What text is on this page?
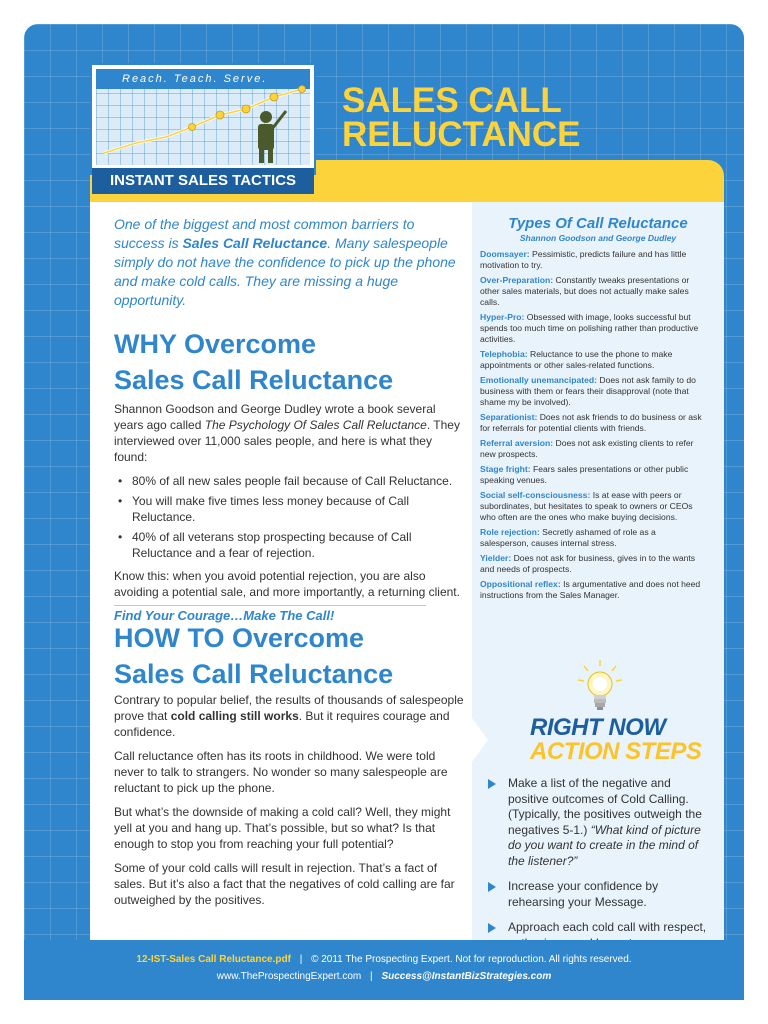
Reach. Teach. Serve.
INSTANT SALES TACTICS
SALES CALL
RELUCTANCE
Types Of Call Reluctance
Shannon Goodson and George Dudley
Doomsayer: Pessimistic, predicts failure and has little motivation to try.
Over-Preparation: Constantly tweaks presentations or other sales materials, but does not actually make sales calls.
Hyper-Pro: Obsessed with image, looks successful but spends too much time on polishing rather than productive activities.
Telephobia: Reluctance to use the phone to make appointments or other sales-related functions.
Emotionally unemancipated: Does not ask family to do business with them or fears their disapproval (note that shame my be involved).
Separationist: Does not ask friends to do business or ask for referrals for potential clients with friends.
Referral aversion: Does not ask existing clients to refer new prospects.
Stage fright: Fears sales presentations or other public speaking venues.
Social self-consciousness: Is at ease with peers or subordinates, but hesitates to speak to owners or CEOs who often are the ones who make buying decisions.
Role rejection: Secretly ashamed of role as a salesperson, causes internal stress.
Yielder: Does not ask for business, gives in to the wants and needs of prospects.
Oppositional reflex: Is argumentative and does not heed instructions from the Sales Manager.
RIGHT NOW
ACTION STEPS
Make a list of the negative and positive outcomes of Cold Calling. (Typically, the positives outweigh the negatives 5-1.) “What kind of picture do you want to create in the mind of the listener?”
Increase your confidence by rehearsing your Message.
Approach each cold call with respect,
One of the biggest and most common barriers to success is Sales Call Reluctance. Many salespeople simply do not have the confidence to pick up the phone and make cold calls. They are missing a huge opportunity.
WHY Overcome
Sales Call Reluctance

Shannon Goodson and George Dudley wrote a book several years ago called The Psychology Of Sales Call Reluctance. They interviewed over 11,000 sales people, and here is what they found:

• 80% of all new sales people fail because of Call Reluctance.
• You will make five times less money because of Call Reluctance.
• 40% of all veterans stop prospecting because of Call Reluctance and a fear of rejection.

Know this: when you avoid potential rejection, you are also avoiding a potential sale, and more importantly, a returning client.

Find Your Courage…Make The Call!
HOW TO Overcome
Sales Call Reluctance

Contrary to popular belief, the results of thousands of salespeople prove that cold calling still works. But it requires courage and confidence.

Call reluctance often has its roots in childhood. We were told never to talk to strangers. No wonder so many salespeople are reluctant to pick up the phone.

But what’s the downside of making a cold call? Well, they might yell at you and hang up. That’s possible, but so what? Is that enough to stop you from reaching your full potential?

Some of your cold calls will result in rejection. That’s a fact of sales. But it’s also a fact that the negatives of cold calling are far outweighed by the positives.

12-IST-Sales Call Reluctance.pdf | © 2011 The Prospecting Expert. Not for reproduction. All rights reserved.
www.TheProspectingExpert.com | Success@InstantBizStrategies.com
